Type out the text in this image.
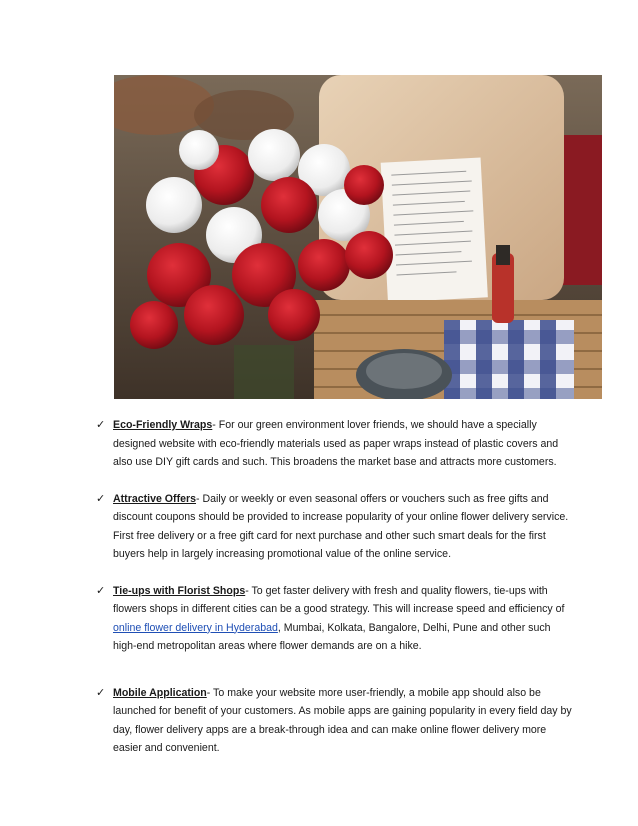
✓ Eco-Friendly Wraps- For our green environment lover friends, we should have a specially designed website with eco-friendly materials used as paper wraps instead of plastic covers and also use DIY gift cards and such. This broadens the market base and attracts more customers.
✓ Attractive Offers- Daily or weekly or even seasonal offers or vouchers such as free gifts and discount coupons should be provided to increase popularity of your online flower delivery service. First free delivery or a free gift card for next purchase and other such smart deals for the first buyers help in largely increasing promotional value of the online service.
✓ Tie-ups with Florist Shops- To get faster delivery with fresh and quality flowers, tie-ups with flowers shops in different cities can be a good strategy. This will increase speed and efficiency of online flower delivery in Hyderabad, Mumbai, Kolkata, Bangalore, Delhi, Pune and other such high-end metropolitan areas where flower demands are on a hike.
✓ Mobile Application- To make your website more user-friendly, a mobile app should also be launched for benefit of your customers. As mobile apps are gaining popularity in every field day by day, flower delivery apps are a break-through idea and can make online flower delivery more easier and convenient.
